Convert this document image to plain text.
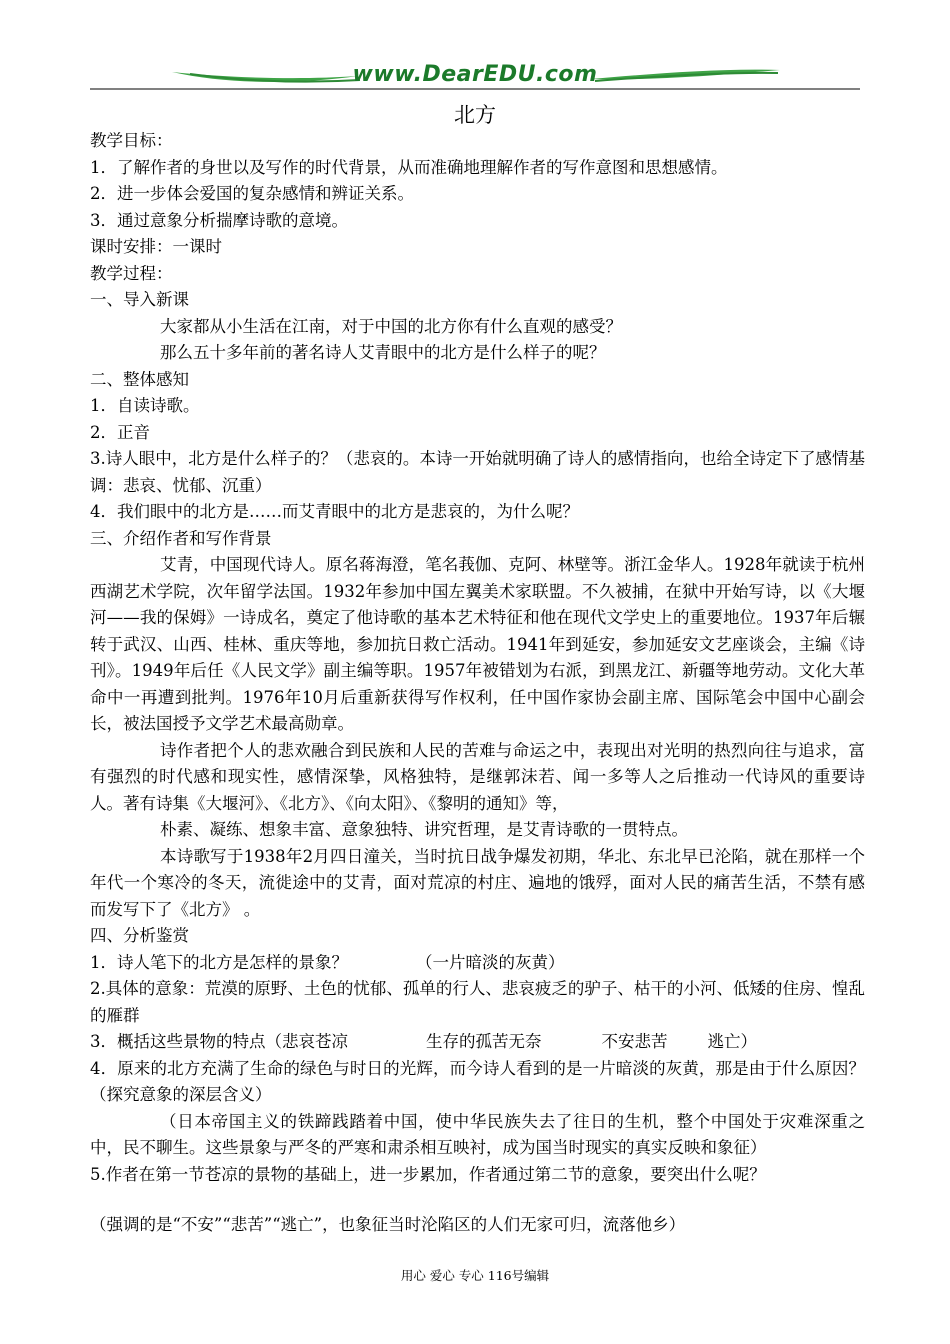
www.DearEDU.com
北方

教学目标：

1．了解作者的身世以及写作的时代背景，从而准确地理解作者的写作意图和思想感情。

2．进一步体会爱国的复杂感情和辨证关系。

3．通过意象分析揣摩诗歌的意境。

课时安排：一课时

教学过程：

一、导入新课

大家都从小生活在江南，对于中国的北方你有什么直观的感受？

那么五十多年前的著名诗人艾青眼中的北方是什么样子的呢？

二、整体感知

1．自读诗歌。

2．正音

3.诗人眼中，北方是什么样子的？（悲哀的。本诗一开始就明确了诗人的感情指向，也给全诗定下了感情基调：悲哀、忧郁、沉重）

4．我们眼中的北方是……而艾青眼中的北方是悲哀的，为什么呢？

三、介绍作者和写作背景

艾青，中国现代诗人。原名蒋海澄，笔名莪伽、克阿、林壁等。浙江金华人。1928年就读于杭州西湖艺术学院，次年留学法国。1932年参加中国左翼美术家联盟。不久被捕，在狱中开始写诗，以《大堰河——我的保姆》一诗成名，奠定了他诗歌的基本艺术特征和他在现代文学史上的重要地位。1937年后辗转于武汉、山西、桂林、重庆等地，参加抗日救亡活动。1941年到延安，参加延安文艺座谈会，主编《诗刊》。1949年后任《人民文学》副主编等职。1957年被错划为右派，到黑龙江、新疆等地劳动。文化大革命中一再遭到批判。1976年10月后重新获得写作权利，任中国作家协会副主席、国际笔会中国中心副会长，被法国授予文学艺术最高勋章。

诗作者把个人的悲欢融合到民族和人民的苦难与命运之中，表现出对光明的热烈向往与追求，富有强烈的时代感和现实性，感情深挚，风格独特，是继郭沫若、闻一多等人之后推动一代诗风的重要诗人。著有诗集《大堰河》、《北方》、《向太阳》、《黎明的通知》等，

朴素、凝练、想象丰富、意象独特、讲究哲理，是艾青诗歌的一贯特点。

本诗歌写于1938年2月四日潼关，当时抗日战争爆发初期，华北、东北早已沦陷，就在那样一个年代一个寒冷的冬天，流徙途中的艾青，面对荒凉的村庄、遍地的饿殍，面对人民的痛苦生活，不禁有感而发写下了《北方》 。

四、分析鉴赏

1．诗人笔下的北方是怎样的景象？	（一片暗淡的灰黄）

2.具体的意象：荒漠的原野、土色的忧郁、孤单的行人、悲哀疲乏的驴子、枯干的小河、低矮的住房、惶乱的雁群

3．概括这些景物的特点（悲哀苍凉	生存的孤苦无奈	不安悲苦 逃亡）

4．原来的北方充满了生命的绿色与时日的光辉，而今诗人看到的是一片暗淡的灰黄，那是由于什么原因？（探究意象的深层含义）

（日本帝国主义的铁蹄践踏着中国，使中华民族失去了往日的生机，整个中国处于灾难深重之中，民不聊生。这些景象与严冬的严寒和肃杀相互映衬，成为国当时现实的真实反映和象征）

5.作者在第一节苍凉的景物的基础上，进一步累加，作者通过第二节的意象，要突出什么呢？

（强调的是“不安”“悲苦”“逃亡”，也象征当时沦陷区的人们无家可归，流落他乡）

用心 爱心 专心 116号编辑
